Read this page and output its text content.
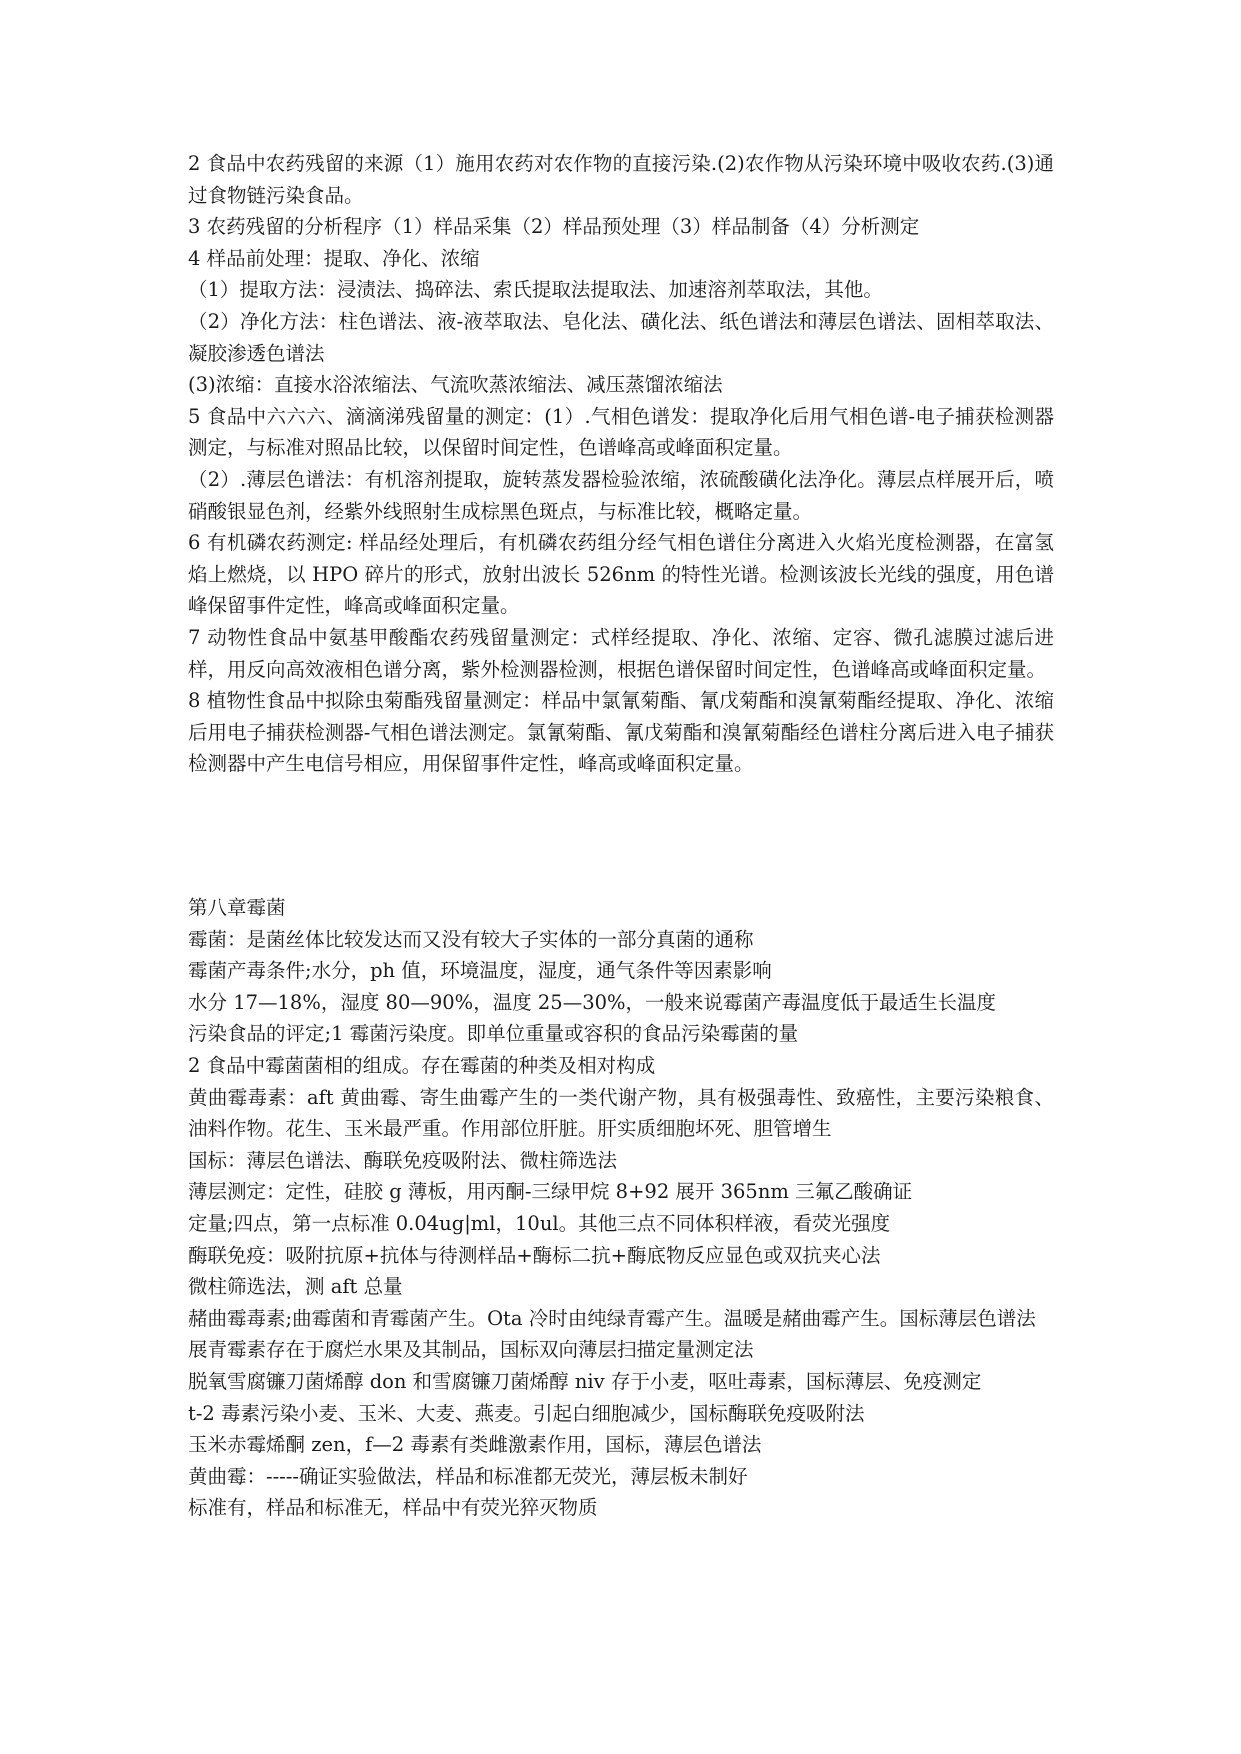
2 食品中农药残留的来源（1）施用农药对农作物的直接污染.(2)农作物从污染环境中吸收农药.(3)通过食物链污染食品。

3 农药残留的分析程序（1）样品采集（2）样品预处理（3）样品制备（4）分析测定

4 样品前处理：提取、净化、浓缩

（1）提取方法：浸渍法、捣碎法、索氏提取法提取法、加速溶剂萃取法，其他。

（2）净化方法：柱色谱法、液-液萃取法、皂化法、磺化法、纸色谱法和薄层色谱法、固相萃取法、凝胶渗透色谱法

(3)浓缩：直接水浴浓缩法、气流吹蒸浓缩法、减压蒸馏浓缩法

5 食品中六六六、滴滴涕残留量的测定：(1）.气相色谱发：提取净化后用气相色谱-电子捕获检测器测定，与标准对照品比较，以保留时间定性，色谱峰高或峰面积定量。

（2）.薄层色谱法：有机溶剂提取，旋转蒸发器检验浓缩，浓硫酸磺化法净化。薄层点样展开后，喷硝酸银显色剂，经紫外线照射生成棕黑色斑点，与标准比较，概略定量。

6 有机磷农药测定: 样品经处理后，有机磷农药组分经气相色谱住分离进入火焰光度检测器，在富氢焰上燃烧，以 HPO 碎片的形式，放射出波长 526nm 的特性光谱。检测该波长光线的强度，用色谱峰保留事件定性，峰高或峰面积定量。

7 动物性食品中氨基甲酸酯农药残留量测定：式样经提取、净化、浓缩、定容、微孔滤膜过滤后进样，用反向高效液相色谱分离，紫外检测器检测，根据色谱保留时间定性，色谱峰高或峰面积定量。

8 植物性食品中拟除虫菊酯残留量测定：样品中氯氰菊酯、氰戊菊酯和溴氰菊酯经提取、净化、浓缩后用电子捕获检测器-气相色谱法测定。氯氰菊酯、氰戊菊酯和溴氰菊酯经色谱柱分离后进入电子捕获检测器中产生电信号相应，用保留事件定性，峰高或峰面积定量。

第八章霉菌

霉菌：是菌丝体比较发达而又没有较大子实体的一部分真菌的通称

霉菌产毒条件;水分，ph 值，环境温度，湿度，通气条件等因素影响

水分 17—18%，湿度 80—90%，温度 25—30%，一般来说霉菌产毒温度低于最适生长温度

污染食品的评定;1 霉菌污染度。即单位重量或容积的食品污染霉菌的量

2 食品中霉菌菌相的组成。存在霉菌的种类及相对构成

黄曲霉毒素：aft 黄曲霉、寄生曲霉产生的一类代谢产物，具有极强毒性、致癌性，主要污染粮食、油料作物。花生、玉米最严重。作用部位肝脏。肝实质细胞坏死、胆管增生

国标：薄层色谱法、酶联免疫吸附法、微柱筛选法

薄层测定：定性，硅胶 g 薄板，用丙酮-三绿甲烷 8+92 展开 365nm 三氟乙酸确证

定量;四点，第一点标准 0.04ug|ml，10ul。其他三点不同体积样液，看荧光强度

酶联免疫：吸附抗原+抗体与待测样品+酶标二抗+酶底物反应显色或双抗夹心法

微柱筛选法，测 aft 总量

赭曲霉毒素;曲霉菌和青霉菌产生。Ota 冷时由纯绿青霉产生。温暖是赭曲霉产生。国标薄层色谱法

展青霉素存在于腐烂水果及其制品，国标双向薄层扫描定量测定法

脱氧雪腐镰刀菌烯醇 don 和雪腐镰刀菌烯醇 niv 存于小麦，呕吐毒素，国标薄层、免疫测定

t-2 毒素污染小麦、玉米、大麦、燕麦。引起白细胞减少，国标酶联免疫吸附法

玉米赤霉烯酮 zen，f—2 毒素有类雌激素作用，国标，薄层色谱法

黄曲霉：-----确证实验做法，样品和标准都无荧光，薄层板未制好

标准有，样品和标准无，样品中有荧光猝灭物质
